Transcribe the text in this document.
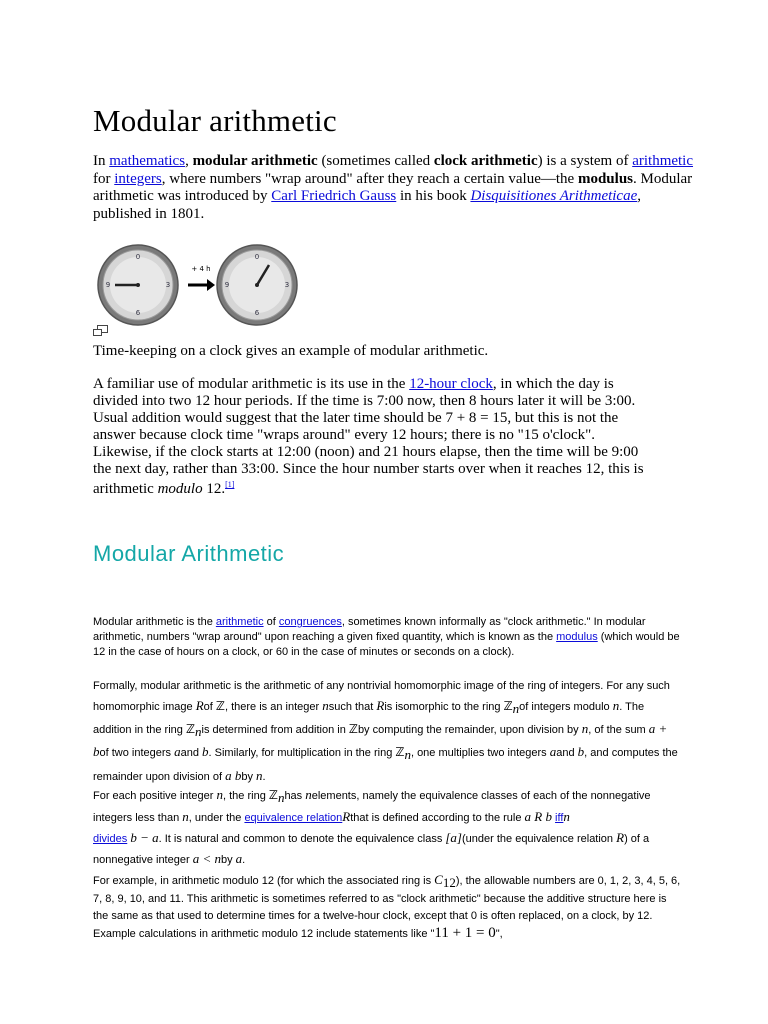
Modular arithmetic

In mathematics, modular arithmetic (sometimes called clock arithmetic) is a system of arithmetic for integers, where numbers "wrap around" after they reach a certain value—the modulus. Modular arithmetic was introduced by Carl Friedrich Gauss in his book Disquisitiones Arithmeticae, published in 1801.

0
3
6
9
+ 4 h
0
3
6
9

Time-keeping on a clock gives an example of modular arithmetic.

A familiar use of modular arithmetic is its use in the 12-hour clock, in which the day is divided into two 12 hour periods. If the time is 7:00 now, then 8 hours later it will be 3:00. Usual addition would suggest that the later time should be 7 + 8 = 15, but this is not the answer because clock time "wraps around" every 12 hours; there is no "15 o'clock". Likewise, if the clock starts at 12:00 (noon) and 21 hours elapse, then the time will be 9:00 the next day, rather than 33:00. Since the hour number starts over when it reaches 12, this is arithmetic modulo 12.[1]

Modular Arithmetic

Modular arithmetic is the arithmetic of congruences, sometimes known informally as "clock arithmetic." In modular arithmetic, numbers "wrap around" upon reaching a given fixed quantity, which is known as the modulus (which would be 12 in the case of hours on a clock, or 60 in the case of minutes or seconds on a clock).

Formally, modular arithmetic is the arithmetic of any nontrivial homomorphic image of the ring of integers. For any such homomorphic image Rof ℤ, there is an integer nsuch that Ris isomorphic to the ring ℤ$_n$of integers modulo n. The addition in the ring ℤ$_n$is determined from addition in ℤby computing the remainder, upon division by n, of the sum a + bof two integers aand b. Similarly, for multiplication in the ring ℤ$_n$, one multiplies two integers aand b, and computes the remainder upon division of a bby n.

For each positive integer n, the ring ℤ$_n$has nelements, namely the equivalence classes of each of the nonnegative integers less than n, under the equivalence relationRthat is defined according to the rule a R b iffn
divides b − a. It is natural and common to denote the equivalence class [a](under the equivalence relation R) of a nonnegative integer a < nby a.

For example, in arithmetic modulo 12 (for which the associated ring is $C_{12}$), the allowable numbers are 0, 1, 2, 3, 4, 5, 6, 7, 8, 9, 10, and 11. This arithmetic is sometimes referred to as "clock arithmetic" because the additive structure here is the same as that used to determine times for a twelve-hour clock, except that 0 is often replaced, on a clock, by 12. Example calculations in arithmetic modulo 12 include statements like "11 + 1 = 0",
